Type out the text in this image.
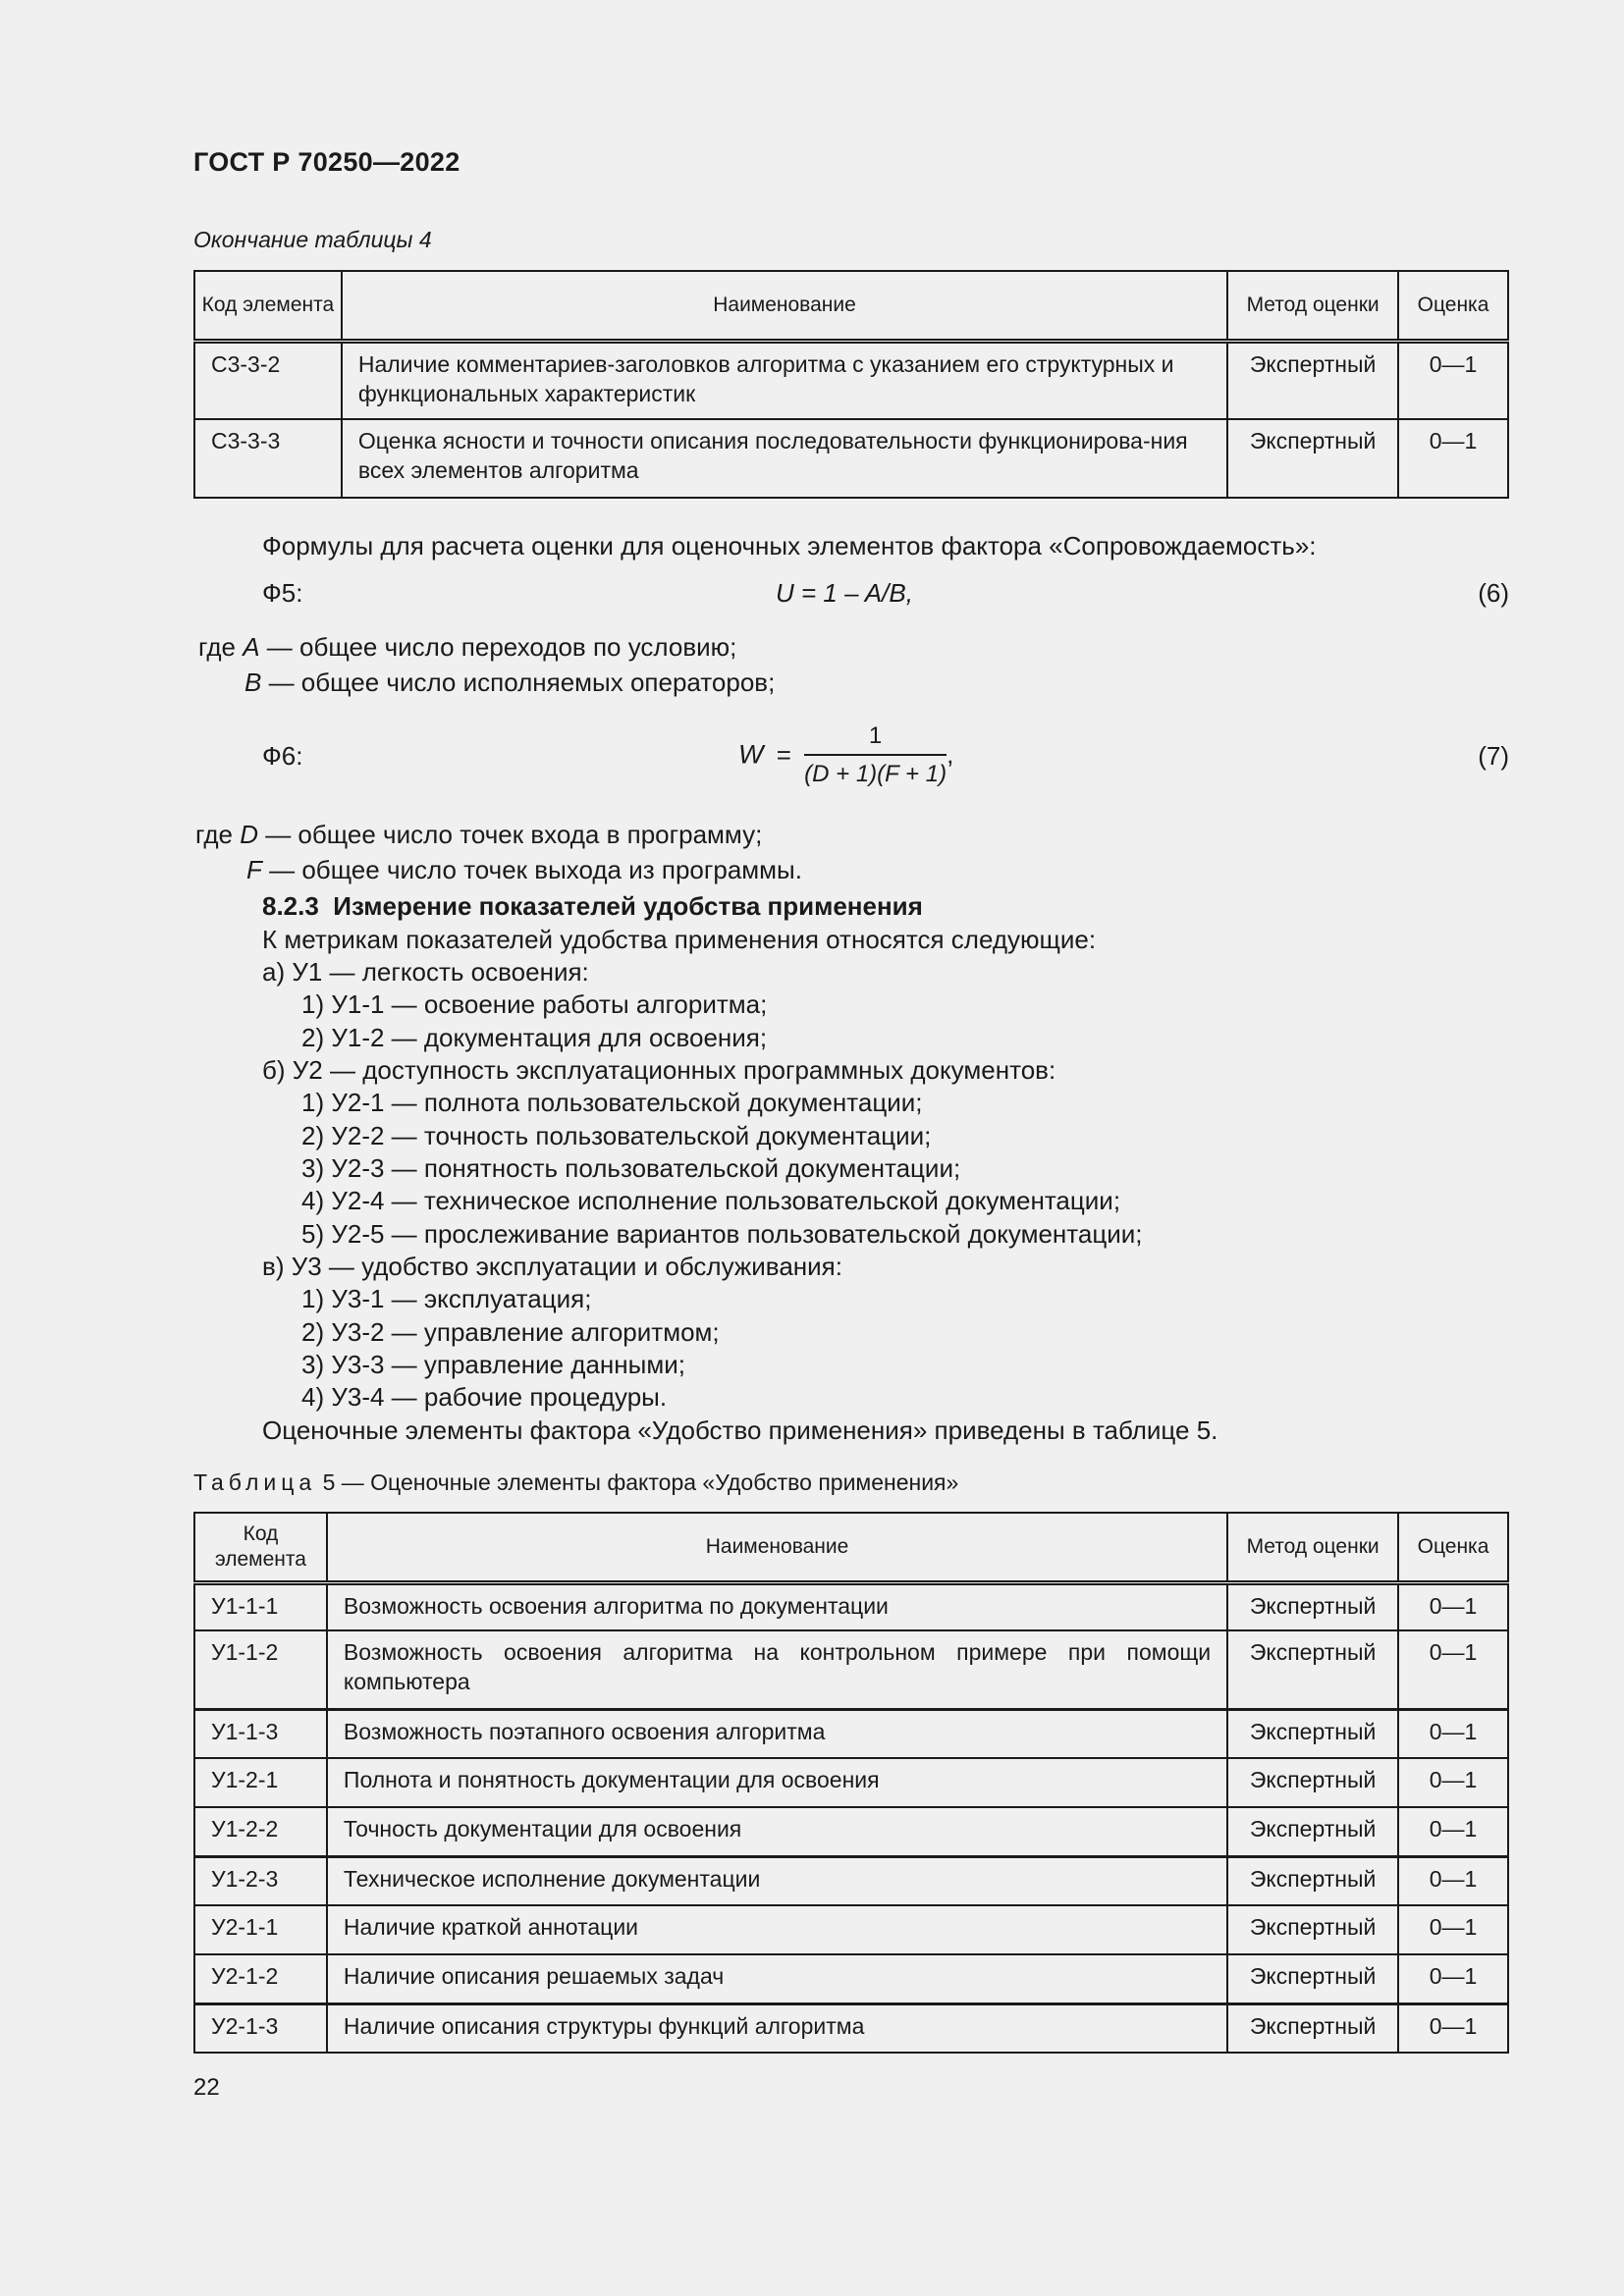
ГОСТ Р 70250—2022
Окончание таблицы 4
Код элемента	Наименование	Метод оценки	Оценка
С3-3-2	Наличие комментариев-заголовков алгоритма с указанием его структурных и функциональных характеристик	Экспертный	0—1
С3-3-3	Оценка ясности и точности описания последовательности функционирова-ния всех элементов алгоритма	Экспертный	0—1
Формулы для расчета оценки для оценочных элементов фактора «Сопровождаемость»:
Ф5:	U = 1 – A/B,	(6)
где A — общее число переходов по условию;
B — общее число исполняемых операторов;
Ф6:	$W = \frac{1}{(D + 1)(F + 1)}$ ,	(7)
где D — общее число точек входа в программу;
F — общее число точек выхода из программы.
8.2.3 Измерение показателей удобства применения
К метрикам показателей удобства применения относятся следующие:
а) У1 — легкость освоения:
1) У1-1 — освоение работы алгоритма;
2) У1-2 — документация для освоения;
б) У2 — доступность эксплуатационных программных документов:
1) У2-1 — полнота пользовательской документации;
2) У2-2 — точность пользовательской документации;
3) У2-3 — понятность пользовательской документации;
4) У2-4 — техническое исполнение пользовательской документации;
5) У2-5 — прослеживание вариантов пользовательской документации;
в) У3 — удобство эксплуатации и обслуживания:
1) У3-1 — эксплуатация;
2) У3-2 — управление алгоритмом;
3) У3-3 — управление данными;
4) У3-4 — рабочие процедуры.
Оценочные элементы фактора «Удобство применения» приведены в таблице 5.
Таблица 5 — Оценочные элементы фактора «Удобство применения»
Код элемента	Наименование	Метод оценки	Оценка
У1-1-1	Возможность освоения алгоритма по документации	Экспертный	0—1
У1-1-2	Возможность освоения алгоритма на контрольном примере при помощи компьютера	Экспертный	0—1
У1-1-3	Возможность поэтапного освоения алгоритма	Экспертный	0—1
У1-2-1	Полнота и понятность документации для освоения	Экспертный	0—1
У1-2-2	Точность документации для освоения	Экспертный	0—1
У1-2-3	Техническое исполнение документации	Экспертный	0—1
У2-1-1	Наличие краткой аннотации	Экспертный	0—1
У2-1-2	Наличие описания решаемых задач	Экспертный	0—1
У2-1-3	Наличие описания структуры функций алгоритма	Экспертный	0—1
22
